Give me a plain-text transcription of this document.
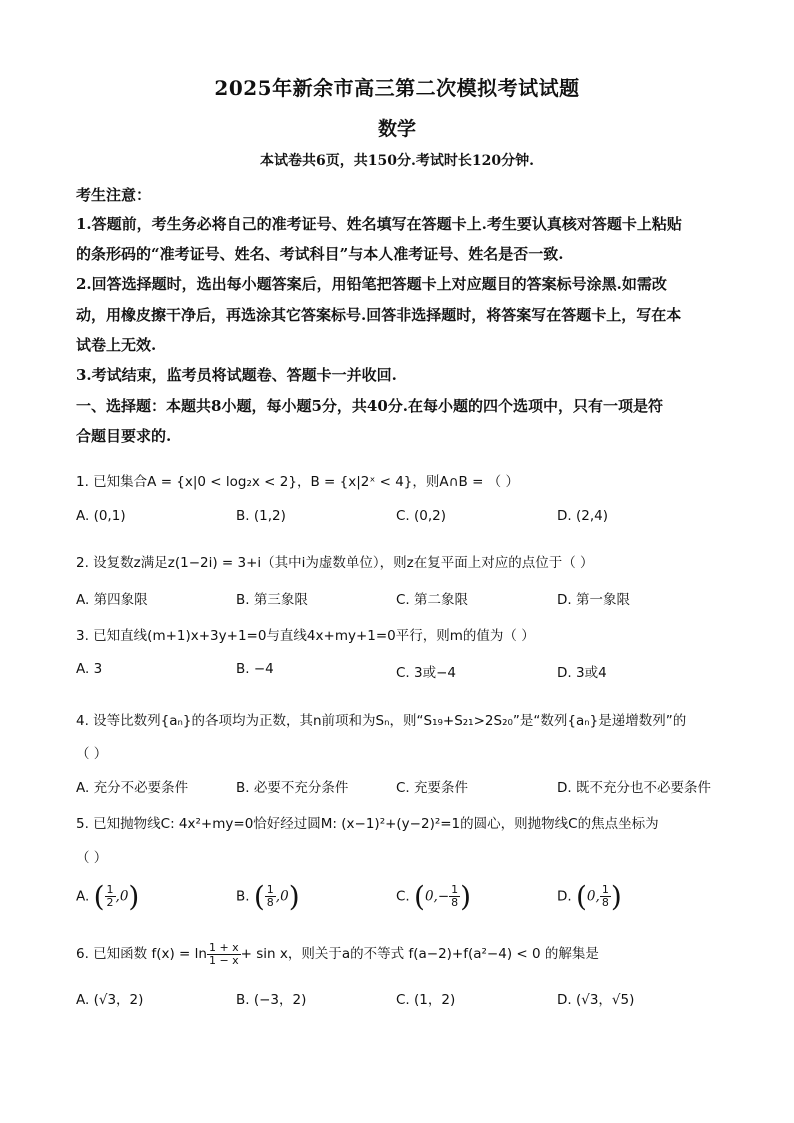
2025年新余市高三第二次模拟考试试题
数学
本试卷共6页，共150分.考试时长120分钟.
考生注意：
1.答题前，考生务必将自己的准考证号、姓名填写在答题卡上.考生要认真核对答题卡上粘贴
的条形码的“准考证号、姓名、考试科目”与本人准考证号、姓名是否一致.
2.回答选择题时，选出每小题答案后，用铅笔把答题卡上对应题目的答案标号涂黑.如需改
动，用橡皮擦干净后，再选涂其它答案标号.回答非选择题时，将答案写在答题卡上，写在本
试卷上无效.
3.考试结束，监考员将试题卷、答题卡一并收回.
一、选择题：本题共8小题，每小题5分，共40分.在每小题的四个选项中，只有一项是符
合题目要求的.
1. 已知集合A = {x|0 < log₂x < 2}，B = {x|2ˣ < 4}，则A∩B = （ ）
A. (0,1)	B. (1,2)	C. (0,2)	D. (2,4)
2. 设复数z满足z(1−2i) = 3+i（其中i为虚数单位），则z在复平面上对应的点位于（ ）
A. 第四象限	B. 第三象限	C. 第二象限	D. 第一象限
3. 已知直线(m+1)x+3y+1=0与直线4x+my+1=0平行，则m的值为（ ）
A. 3	B. −4	C. 3或−4	D. 3或4
4. 设等比数列{aₙ}的各项均为正数，其n前项和为Sₙ，则“S₁₉+S₂₁>2S₂₀”是“数列{aₙ}是递增数列”的
（ ）
A. 充分不必要条件	B. 必要不充分条件	C. 充要条件	D. 既不充分也不必要条件
5. 已知抛物线C: 4x²+my=0恰好经过圆M: (x−1)²+(y−2)²=1的圆心，则抛物线C的焦点坐标为
（ ）
A. ( $\frac{1}{2} ,0$)	B. ( $\frac{1}{8} ,0$)	C. ($0,- \frac{1}{8}$ )	D. (0, $\frac{1}{8}$ )
6. 已知函数 $f(x) = \ln \frac{1 + x}{1 - x} + \sin x$，则关于a的不等式 f(a−2)+f(a²−4) < 0 的解集是
A. (√3，2)	B. (−3，2)	C. (1，2)	D. (√3，√5)
